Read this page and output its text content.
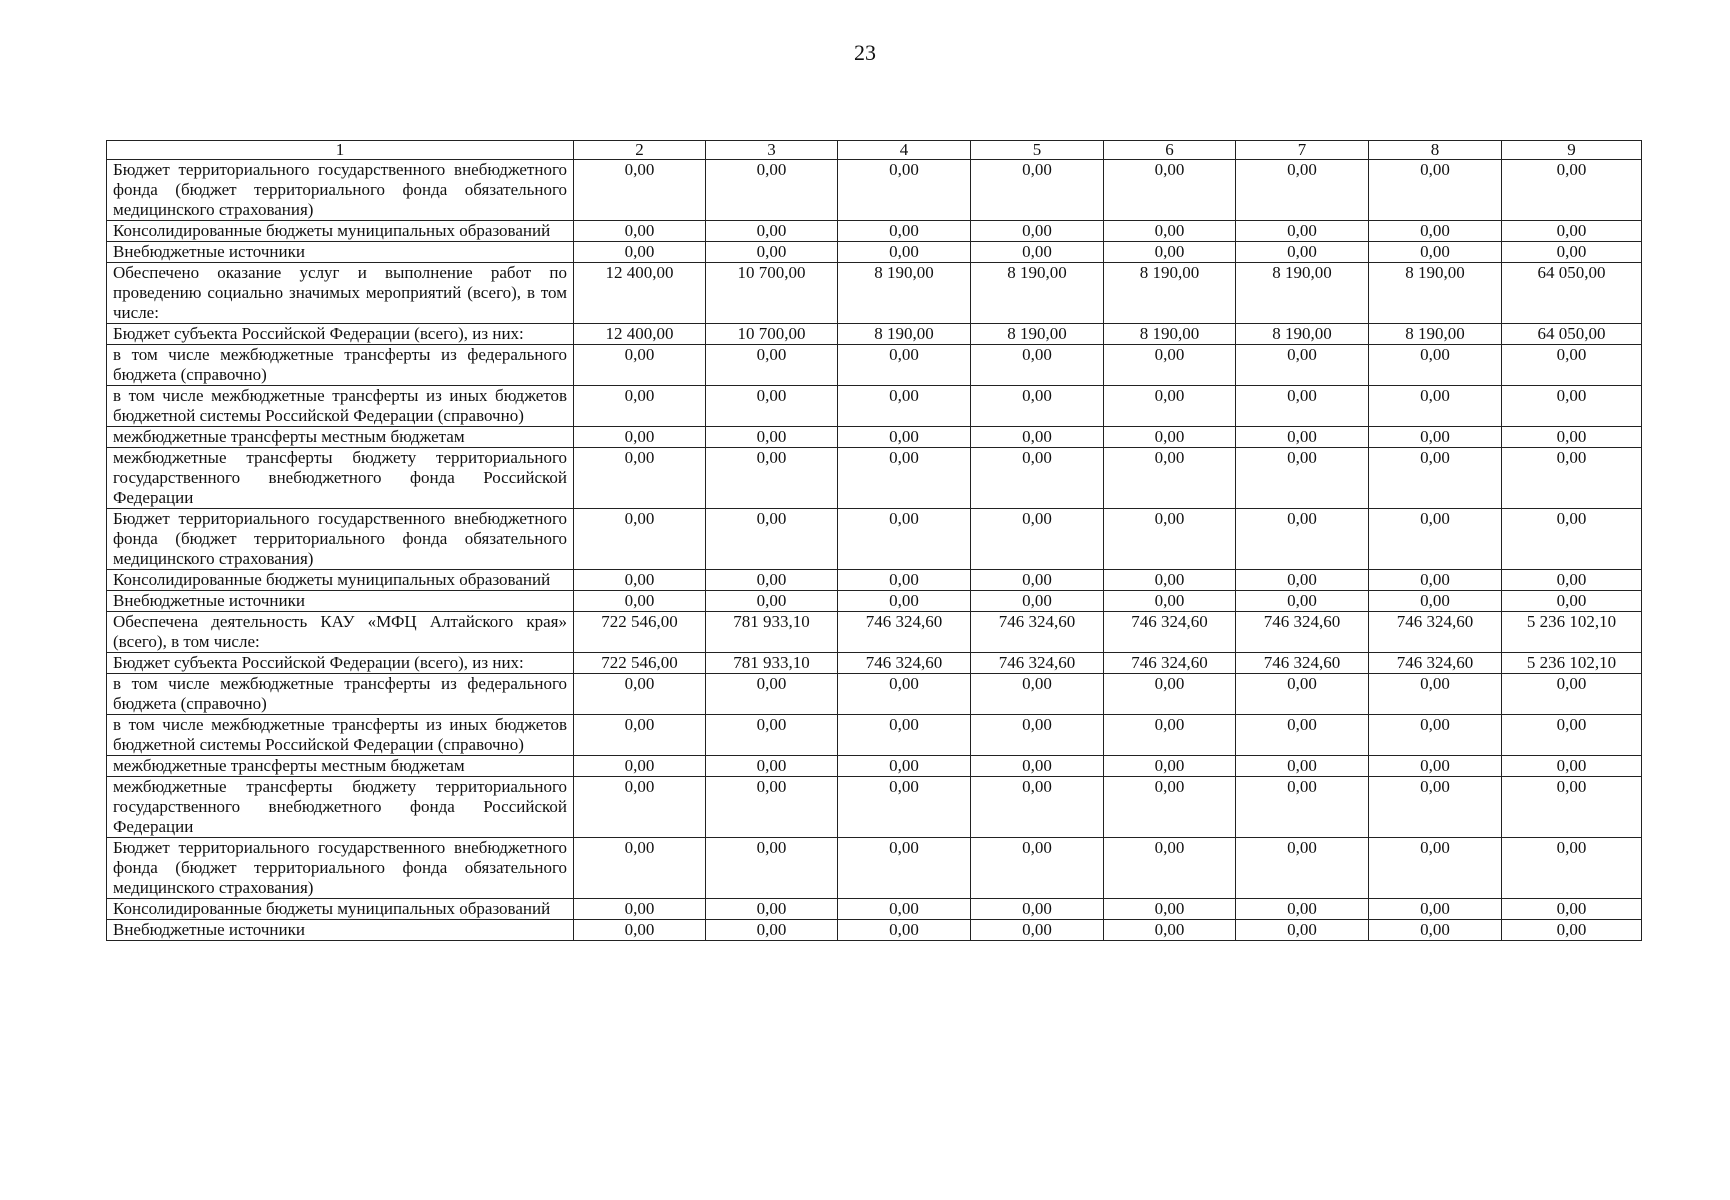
23
1	2	3	4	5	6	7	8	9
Бюджет территориального государственного внебюджетного фонда (бюджет территориального фонда обязательного медицинского страхования)	0,00	0,00	0,00	0,00	0,00	0,00	0,00	0,00
Консолидированные бюджеты муниципальных образований	0,00	0,00	0,00	0,00	0,00	0,00	0,00	0,00
Внебюджетные источники	0,00	0,00	0,00	0,00	0,00	0,00	0,00	0,00
Обеспечено оказание услуг и выполнение работ по проведению социально значимых мероприятий (всего), в том числе:	12 400,00	10 700,00	8 190,00	8 190,00	8 190,00	8 190,00	8 190,00	64 050,00
Бюджет субъекта Российской Федерации (всего), из них:	12 400,00	10 700,00	8 190,00	8 190,00	8 190,00	8 190,00	8 190,00	64 050,00
в том числе межбюджетные трансферты из федерального бюджета (справочно)	0,00	0,00	0,00	0,00	0,00	0,00	0,00	0,00
в том числе межбюджетные трансферты из иных бюджетов бюджетной системы Российской Федерации (справочно)	0,00	0,00	0,00	0,00	0,00	0,00	0,00	0,00
межбюджетные трансферты местным бюджетам	0,00	0,00	0,00	0,00	0,00	0,00	0,00	0,00
межбюджетные трансферты бюджету территориального государственного внебюджетного фонда Российской Федерации	0,00	0,00	0,00	0,00	0,00	0,00	0,00	0,00
Бюджет территориального государственного внебюджетного фонда (бюджет территориального фонда обязательного медицинского страхования)	0,00	0,00	0,00	0,00	0,00	0,00	0,00	0,00
Консолидированные бюджеты муниципальных образований	0,00	0,00	0,00	0,00	0,00	0,00	0,00	0,00
Внебюджетные источники	0,00	0,00	0,00	0,00	0,00	0,00	0,00	0,00
Обеспечена деятельность КАУ «МФЦ Алтайского края» (всего), в том числе:	722 546,00	781 933,10	746 324,60	746 324,60	746 324,60	746 324,60	746 324,60	5 236 102,10
Бюджет субъекта Российской Федерации (всего), из них:	722 546,00	781 933,10	746 324,60	746 324,60	746 324,60	746 324,60	746 324,60	5 236 102,10
в том числе межбюджетные трансферты из федерального бюджета (справочно)	0,00	0,00	0,00	0,00	0,00	0,00	0,00	0,00
в том числе межбюджетные трансферты из иных бюджетов бюджетной системы Российской Федерации (справочно)	0,00	0,00	0,00	0,00	0,00	0,00	0,00	0,00
межбюджетные трансферты местным бюджетам	0,00	0,00	0,00	0,00	0,00	0,00	0,00	0,00
межбюджетные трансферты бюджету территориального государственного внебюджетного фонда Российской Федерации	0,00	0,00	0,00	0,00	0,00	0,00	0,00	0,00
Бюджет территориального государственного внебюджетного фонда (бюджет территориального фонда обязательного медицинского страхования)	0,00	0,00	0,00	0,00	0,00	0,00	0,00	0,00
Консолидированные бюджеты муниципальных образований	0,00	0,00	0,00	0,00	0,00	0,00	0,00	0,00
Внебюджетные источники	0,00	0,00	0,00	0,00	0,00	0,00	0,00	0,00
